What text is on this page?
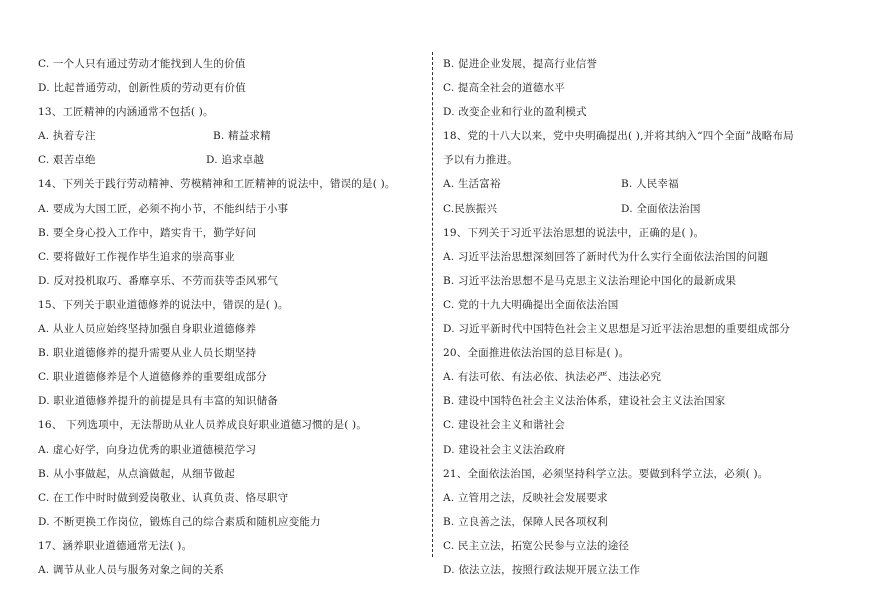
C. 一个人只有通过劳动才能找到人生的价值
D. 比起普通劳动，创新性质的劳动更有价值
13、工匠精神的内涵通常不包括( )。
A. 执着专注	B. 精益求精
C. 艰苦卓绝	D. 追求卓越
14、下列关于践行劳动精神、劳模精神和工匠精神的说法中，错误的是( )。
A. 要成为大国工匠，必须不拘小节，不能纠结于小事
B. 要全身心投入工作中，踏实肯干，勤学好问
C. 要将做好工作视作毕生追求的崇高事业
D. 反对投机取巧、番靡享乐、不劳而获等歪风邪气
15、下列关于职业道德修养的说法中，错误的是( )。
A. 从业人员应始终坚持加强自身职业道德修养
B. 职业道德修养的提升需要从业人员长期坚持
C. 职业道德修养是个人道德修养的重要组成部分
D. 职业道德修养提升的前提是具有丰富的知识储备
16、 下列选项中，无法帮助从业人员养成良好职业道德习惯的是( )。
A. 虚心好学，向身边优秀的职业道德模范学习
B. 从小事做起，从点滴做起，从细节做起
C. 在工作中时时做到爱岗敬业、认真负责、恪尽职守
D. 不断更换工作岗位，锻炼自己的综合素质和随机应变能力
17、涵养职业道德通常无法( )。
A. 调节从业人员与服务对象之间的关系
B. 促进企业发展，提高行业信誉
C. 提高全社会的道德水平
D. 改变企业和行业的盈利模式
18、党的十八大以来，党中央明确提出( ),并将其纳入“四个全面”战略布局
予以有力推进。
A. 生活富裕	B. 人民幸福
C.民族振兴	D. 全面依法治国
19、下列关于习近平法治思想的说法中，正确的是( )。
A. 习近平法治思想深刻回答了新时代为什么实行全面依法治国的问题
B. 习近平法治思想不是马克思主义法治理论中国化的最新成果
C. 党的十九大明确提出全面依法治国
D. 习近平新时代中国特色社会主义思想是习近平法治思想的重要组成部分
20、全面推进依法治国的总目标是( )。
A. 有法可依、有法必依、执法必严、违法必究
B. 建设中国特色社会主义法治体系，建设社会主义法治国家
C. 建设社会主义和谐社会
D. 建设社会主义法治政府
21、全面依法治国，必须坚持科学立法。要做到科学立法，必须( )。
A. 立管用之法，反映社会发展要求
B. 立良善之法，保障人民各项权利
C. 民主立法，拓宽公民参与立法的途径
D. 依法立法，按照行政法规开展立法工作
